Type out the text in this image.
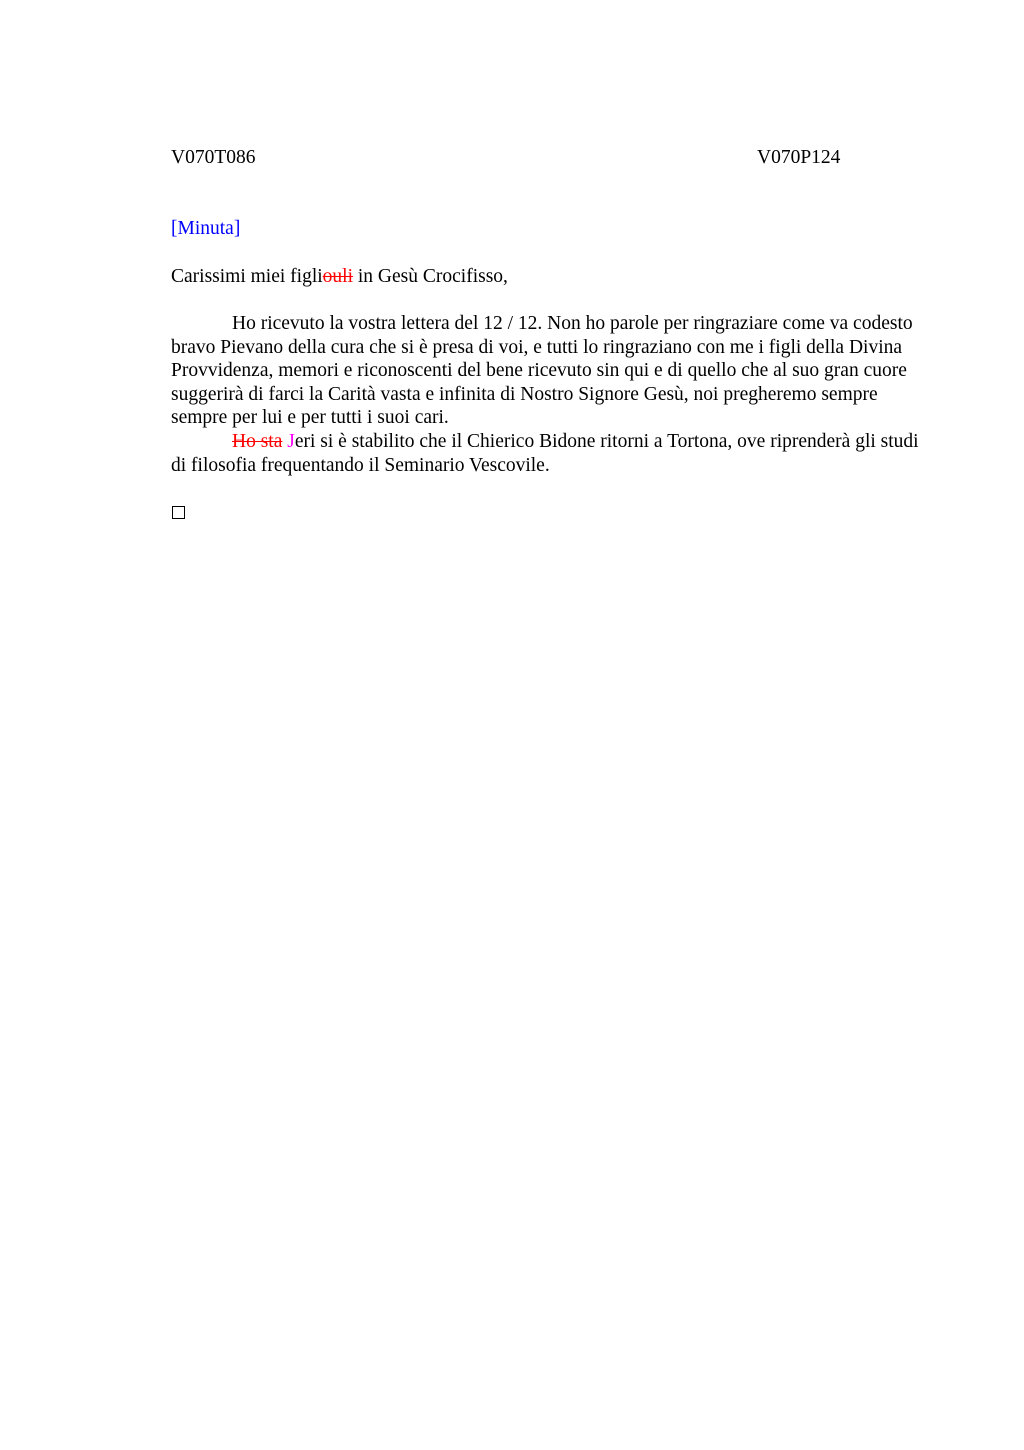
V070T086	V070P124
[Minuta]
Carissimi miei figliouli in Gesù Crocifisso,

Ho ricevuto la vostra lettera del 12 / 12. Non ho parole per ringraziare come va codesto bravo Pievano della cura che si è presa di voi, e tutti lo ringraziano con me i figli della Divina Provvidenza, memori e riconoscenti del bene ricevuto sin qui e di quello che al suo gran cuore suggerirà di farci la Carità vasta e infinita di Nostro Signore Gesù, noi pregheremo sempre sempre per lui e per tutti i suoi cari.

Ho sta Jeri si è stabilito che il Chierico Bidone ritorni a Tortona, ove riprenderà gli studi di filosofia frequentando il Seminario Vescovile.
